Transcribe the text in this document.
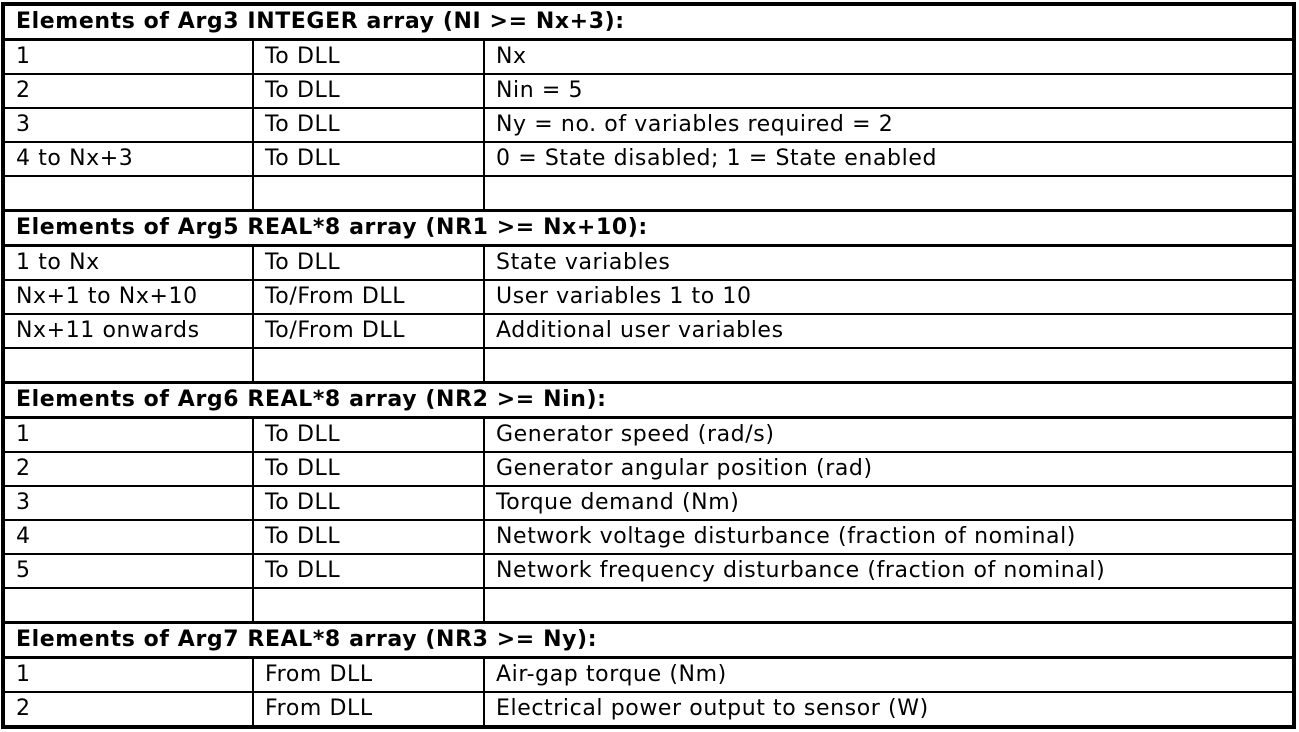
Elements of Arg3 INTEGER array (NI >= Nx+3):		
1	To DLL	Nx
2	To DLL	Nin = 5
3	To DLL	Ny = no. of variables required = 2
4 to Nx+3	To DLL	0 = State disabled; 1 = State enabled

Elements of Arg5 REAL*8 array (NR1 >= Nx+10):		
1 to Nx	To DLL	State variables
Nx+1 to Nx+10	To/From DLL	User variables 1 to 10
Nx+11 onwards	To/From DLL	Additional user variables

Elements of Arg6 REAL*8 array (NR2 >= Nin):		
1	To DLL	Generator speed (rad/s)
2	To DLL	Generator angular position (rad)
3	To DLL	Torque demand (Nm)
4	To DLL	Network voltage disturbance (fraction of nominal)
5	To DLL	Network frequency disturbance (fraction of nominal)

Elements of Arg7 REAL*8 array (NR3 >= Ny):		
1	From DLL	Air-gap torque (Nm)
2	From DLL	Electrical power output to sensor (W)
